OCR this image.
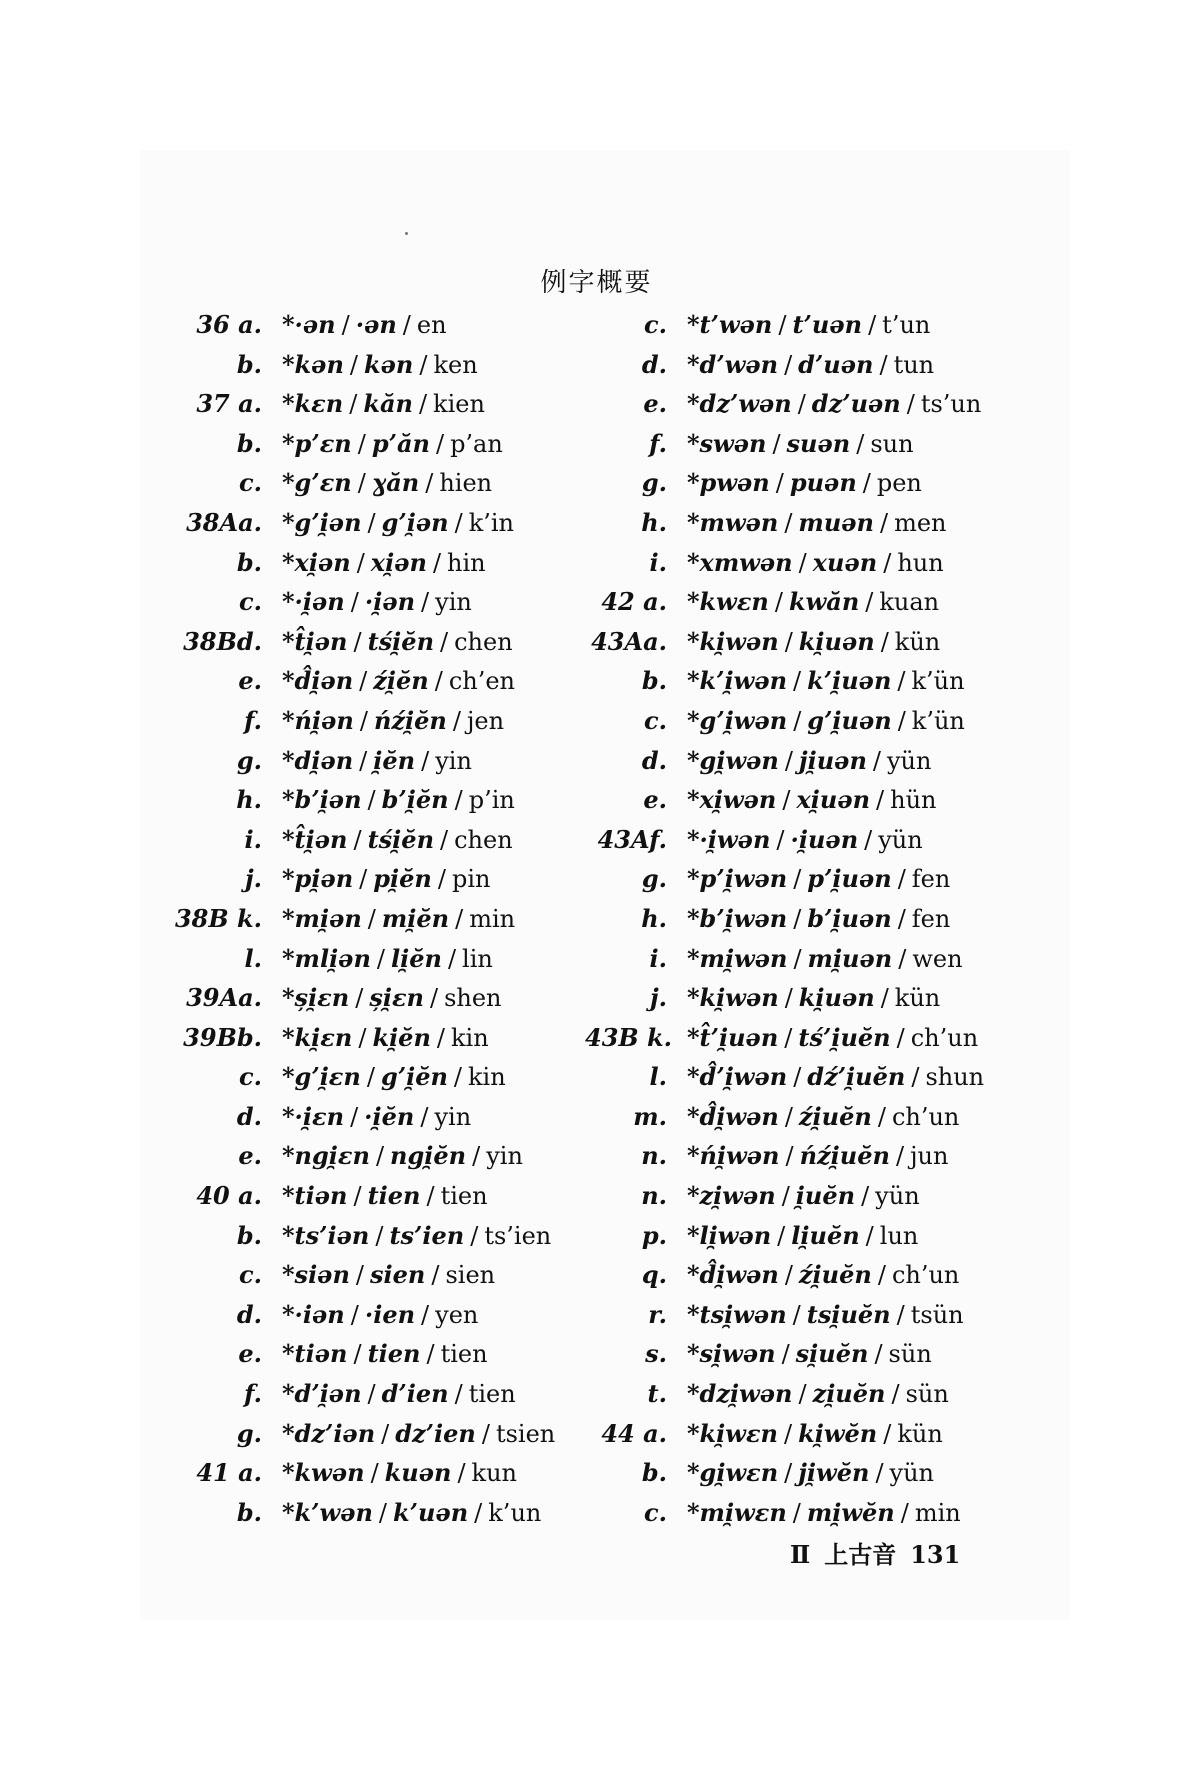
例字概要
36 a. *·ən / ·ən / en
b. *kən / kən / ken
37 a. *kɛn / kăn / kien
b. *p’ɛn / p’ăn / p’an
c. *g’ɛn / ɣăn / hien
38Aa. *g’i̯ən / g’i̯ən / k’in
b. *xi̯ən / xi̯ən / hin
c. *·i̯ən / ·i̯ən / yin
38Bd. *t̂i̯ən / tśi̯ĕn / chen
e. *d̂i̯ən / źi̯ĕn / ch’en
f. *ńi̯ən / ńźi̯ĕn / jen
g. *di̯ən / i̯ĕn / yin
h. *b’i̯ən / b’i̯ĕn / p’in
i. *t̂i̯ən / tśi̯ĕn / chen
j. *pi̯ən / pi̯ĕn / pin
38B k. *mi̯ən / mi̯ĕn / min
l. *mli̯ən / li̯ĕn / lin
39Aa. *și̯ɛn / și̯ɛn / shen
39Bb. *ki̯ɛn / ki̯ĕn / kin
c. *g’i̯ɛn / g’i̯ĕn / kin
d. *·i̯ɛn / ·i̯ĕn / yin
e. *ngi̯ɛn / ngi̯ĕn / yin
40 a. *tiən / tien / tien
b. *ts’iən / ts’ien / ts’ien
c. *siən / sien / sien
d. *·iən / ·ien / yen
e. *tiən / tien / tien
f. *d’i̯ən / d’ien / tien
g. *dz’iən / dz’ien / tsien
41 a. *kwən / kuən / kun
b. *k’wən / k’uən / k’un
c. *t’wən / t’uən / t’un
d. *d’wən / d’uən / tun
e. *dz’wən / dz’uən / ts’un
f. *swən / suən / sun
g. *pwən / puən / pen
h. *mwən / muən / men
i. *xmwən / xuən / hun
42 a. *kwɛn / kwăn / kuan
43Aa. *ki̯wən / ki̯uən / kün
b. *k’i̯wən / k’i̯uən / k’ün
c. *g’i̯wən / g’i̯uən / k’ün
d. *gi̯wən / ji̯uən / yün
e. *xi̯wən / xi̯uən / hün
43Af. *·i̯wən / ·i̯uən / yün
g. *p’i̯wən / p’i̯uən / fen
h. *b’i̯wən / b’i̯uən / fen
i. *mi̯wən / mi̯uən / wen
j. *ki̯wən / ki̯uən / kün
43B k. *t̂’i̯uən / tś’i̯uĕn / ch’un
l. *d̂’i̯wən / dź’i̯uĕn / shun
m. *d̂i̯wən / źi̯uĕn / ch’un
n. *ńi̯wən / ńźi̯uĕn / jun
n. *zi̯wən / i̯uĕn / yün
p. *li̯wən / li̯uĕn / lun
q. *d̂i̯wən / źi̯uĕn / ch’un
r. *tsi̯wən / tsi̯uĕn / tsün
s. *si̯wən / si̯uĕn / sün
t. *dzi̯wən / zi̯uĕn / sün
44 a. *ki̯wɛn / ki̯wĕn / kün
b. *gi̯wɛn / ji̯wĕn / yün
c. *mi̯wɛn / mi̯wĕn / min
Ⅱ 上古音 131
